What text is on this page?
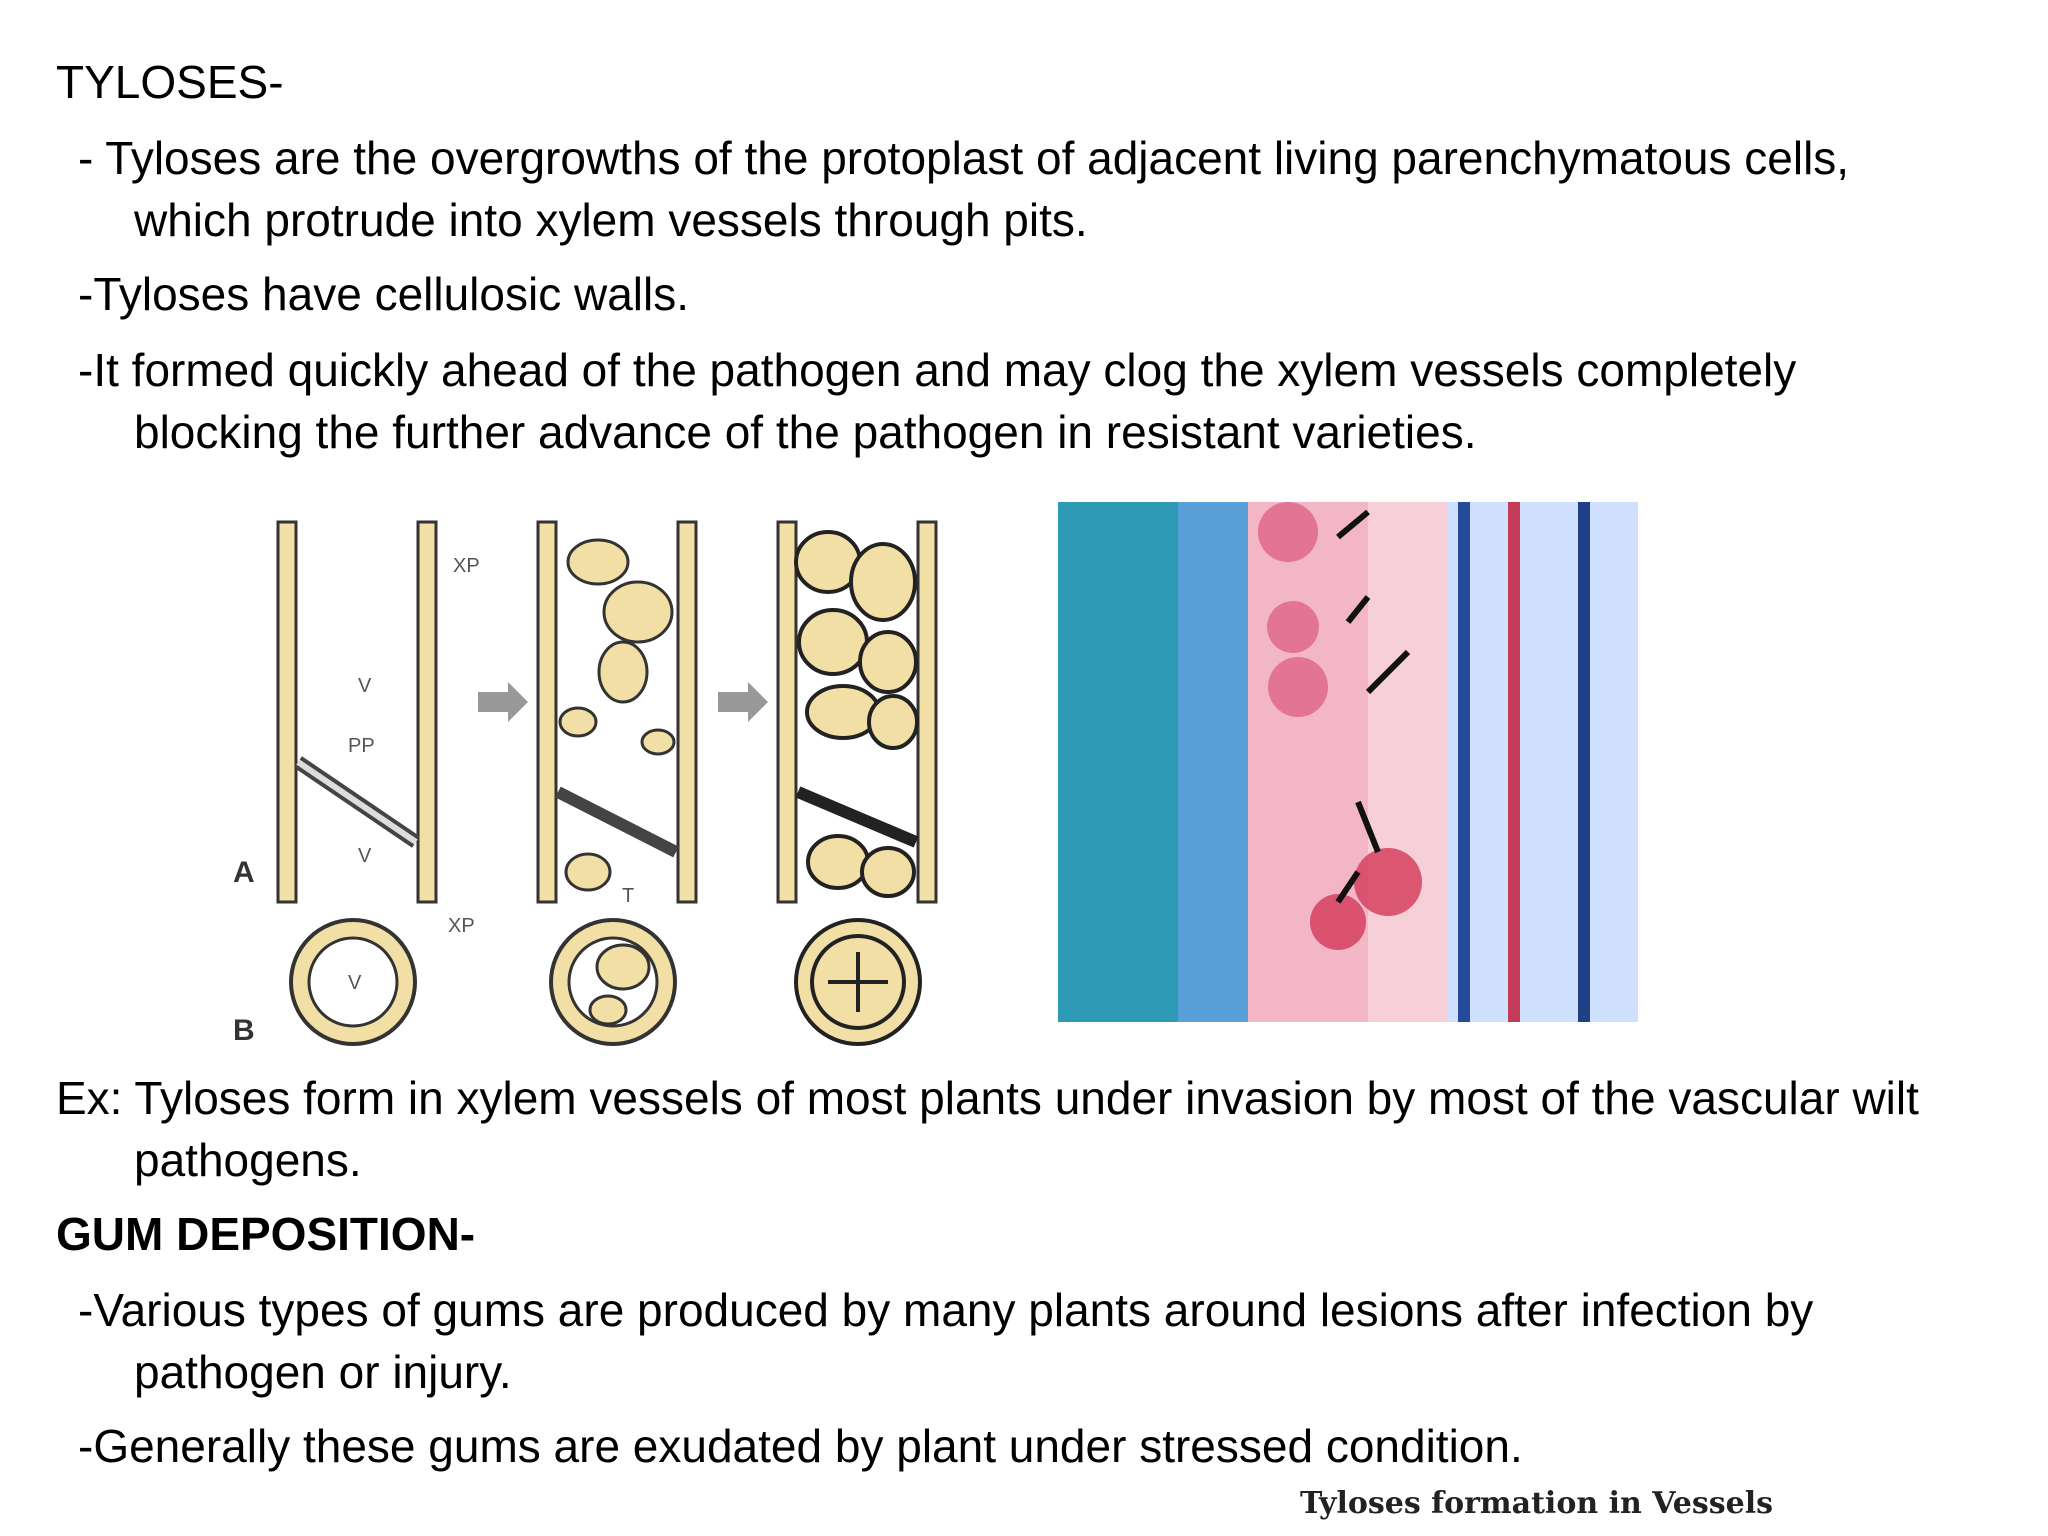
TYLOSES-
- Tyloses are the overgrowths of the protoplast of adjacent living parenchymatous cells,
which protrude into xylem vessels through pits.
-Tyloses have cellulosic walls.
-It formed quickly ahead of the pathogen and may clog the xylem vessels completely
blocking the further advance of the pathogen in resistant varieties.
XP
V
PP
V
A
T
XP
V
B
Tyloses formation in Vessels
Ex: Tyloses form in xylem vessels of most plants under invasion by most of the vascular wilt
pathogens.
GUM DEPOSITION-
-Various types of gums are produced by many plants around lesions after infection by
pathogen or injury.
-Generally these gums are exudated by plant under stressed condition.
